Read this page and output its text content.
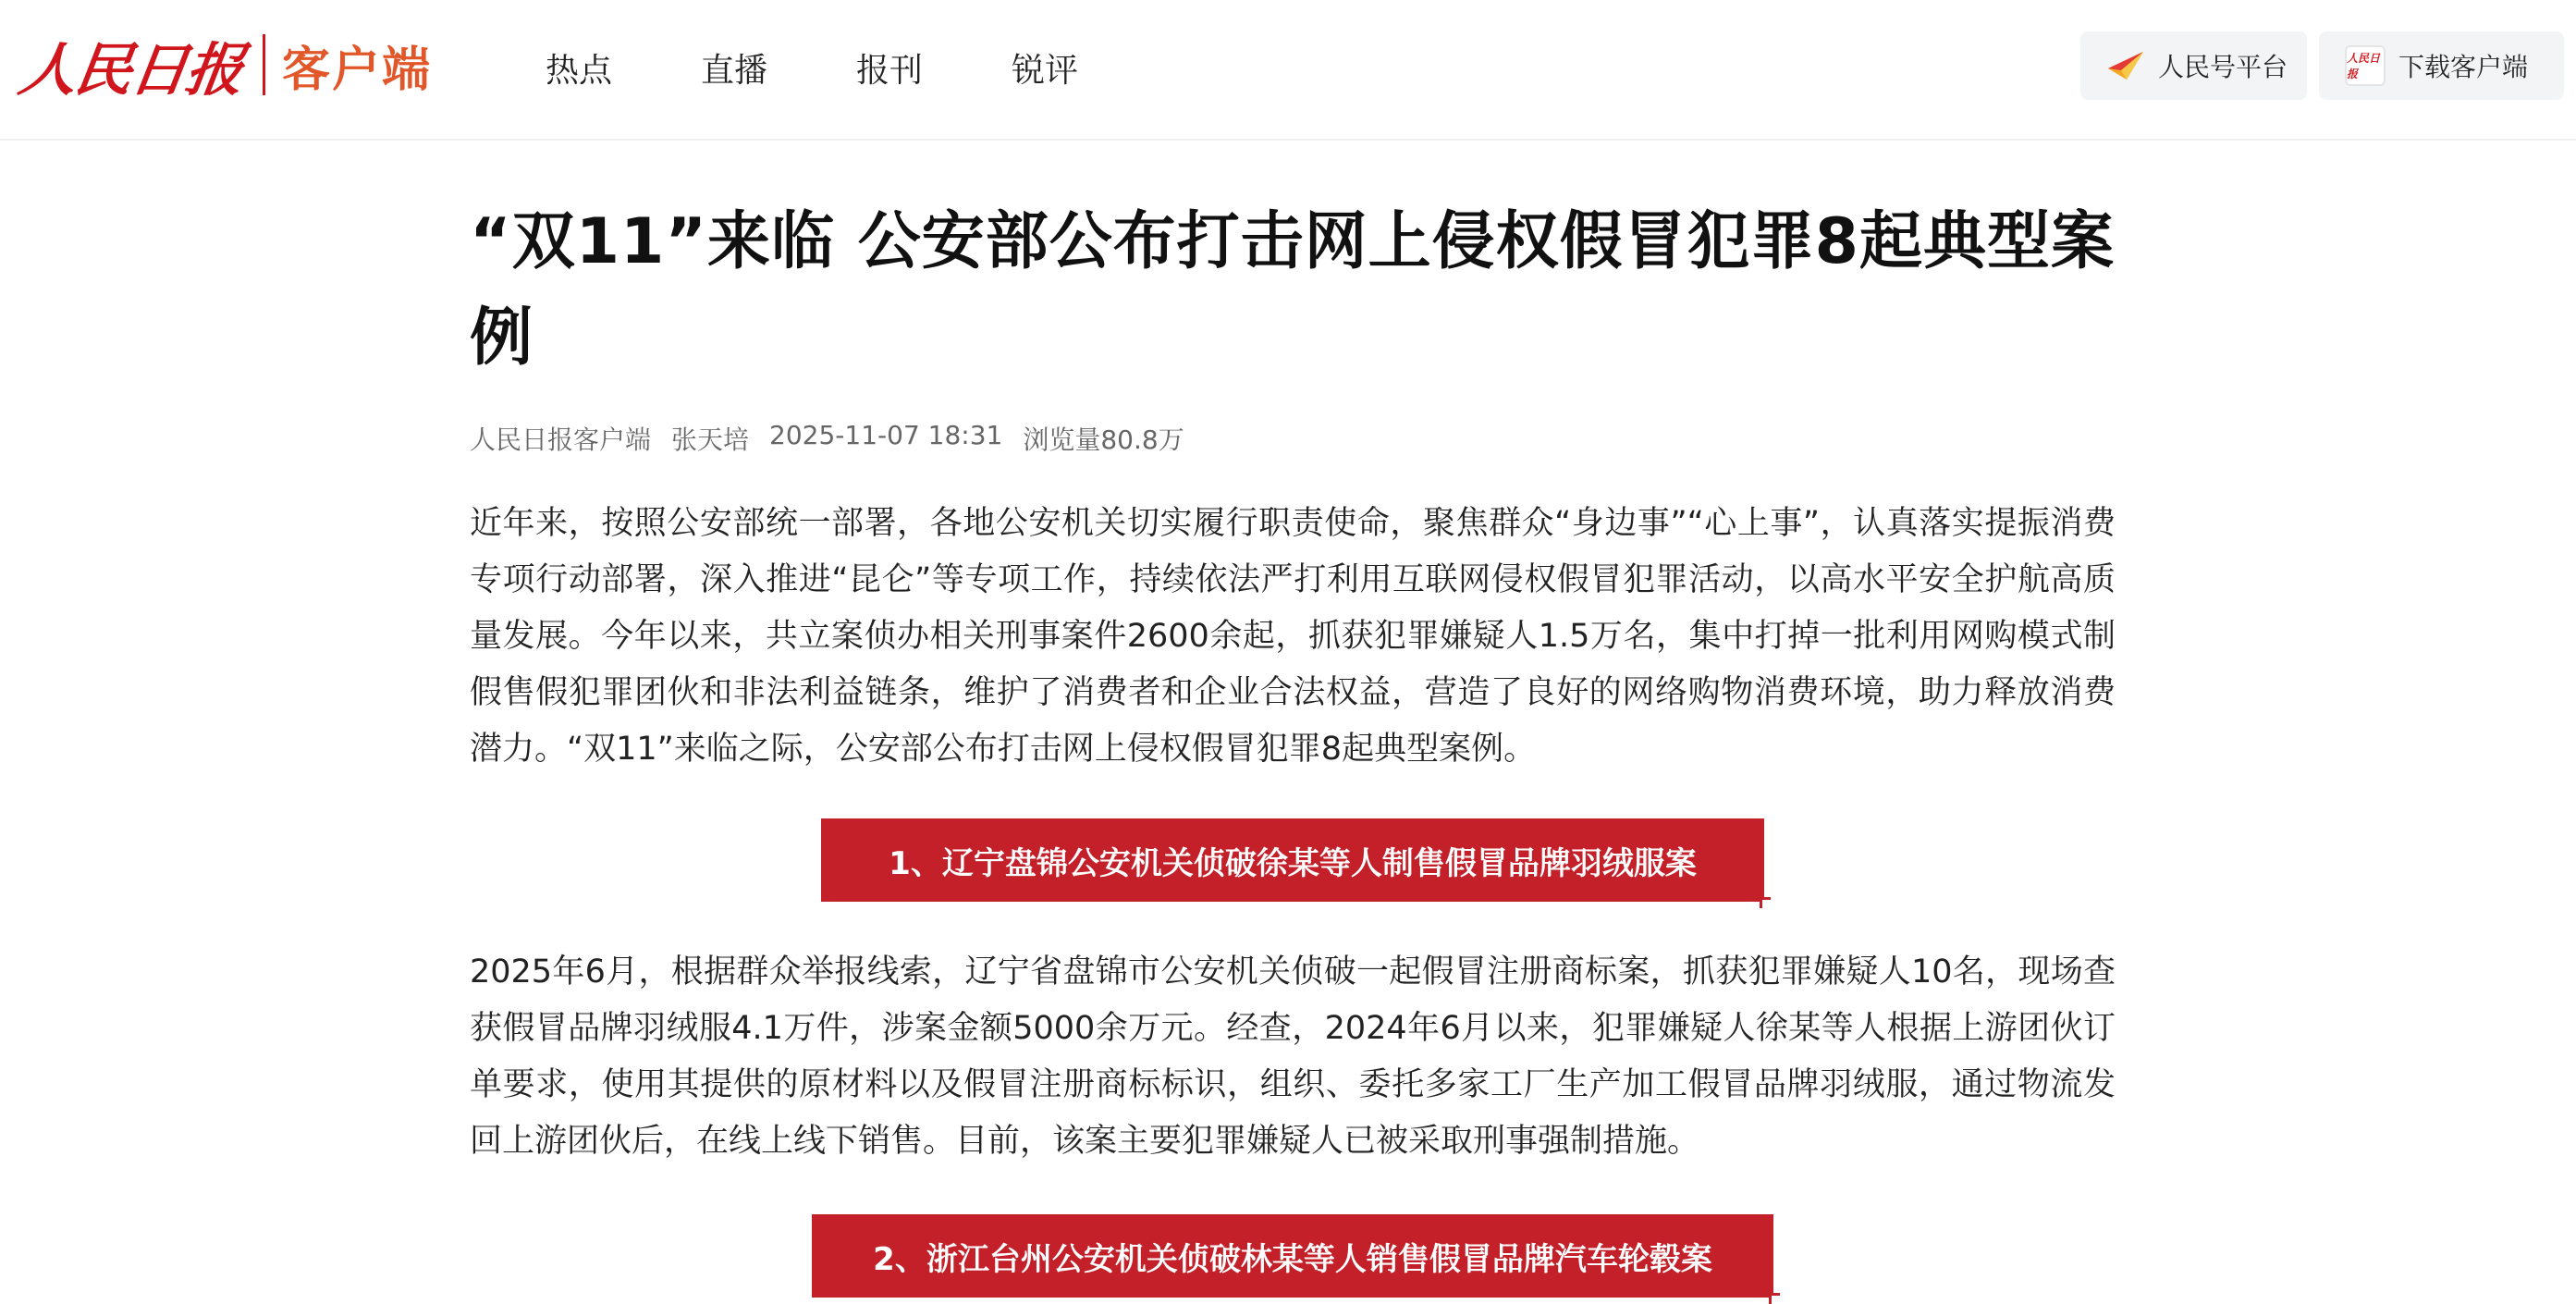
人民日报 客户端	热点	直播	报刊	锐评	人民号平台	人民日报	下载客户端
“双11”来临 公安部公布打击网上侵权假冒犯罪8起典型案例
人民日报客户端 张天培 2025-11-07 18:31 浏览量80.8万

近年来，按照公安部统一部署，各地公安机关切实履行职责使命，聚焦群众“身边事”“心上事”，认真落实提振消费专项行动部署，深入推进“昆仑”等专项工作，持续依法严打利用互联网侵权假冒犯罪活动，以高水平安全护航高质量发展。今年以来，共立案侦办相关刑事案件2600余起，抓获犯罪嫌疑人1.5万名，集中打掉一批利用网购模式制假售假犯罪团伙和非法利益链条，维护了消费者和企业合法权益，营造了良好的网络购物消费环境，助力释放消费潜力。“双11”来临之际，公安部公布打击网上侵权假冒犯罪8起典型案例。

1、辽宁盘锦公安机关侦破徐某等人制售假冒品牌羽绒服案

2025年6月，根据群众举报线索，辽宁省盘锦市公安机关侦破一起假冒注册商标案，抓获犯罪嫌疑人10名，现场查获假冒品牌羽绒服4.1万件，涉案金额5000余万元。经查，2024年6月以来，犯罪嫌疑人徐某等人根据上游团伙订单要求，使用其提供的原材料以及假冒注册商标标识，组织、委托多家工厂生产加工假冒品牌羽绒服，通过物流发回上游团伙后，在线上线下销售。目前，该案主要犯罪嫌疑人已被采取刑事强制措施。

2、浙江台州公安机关侦破林某等人销售假冒品牌汽车轮毂案
